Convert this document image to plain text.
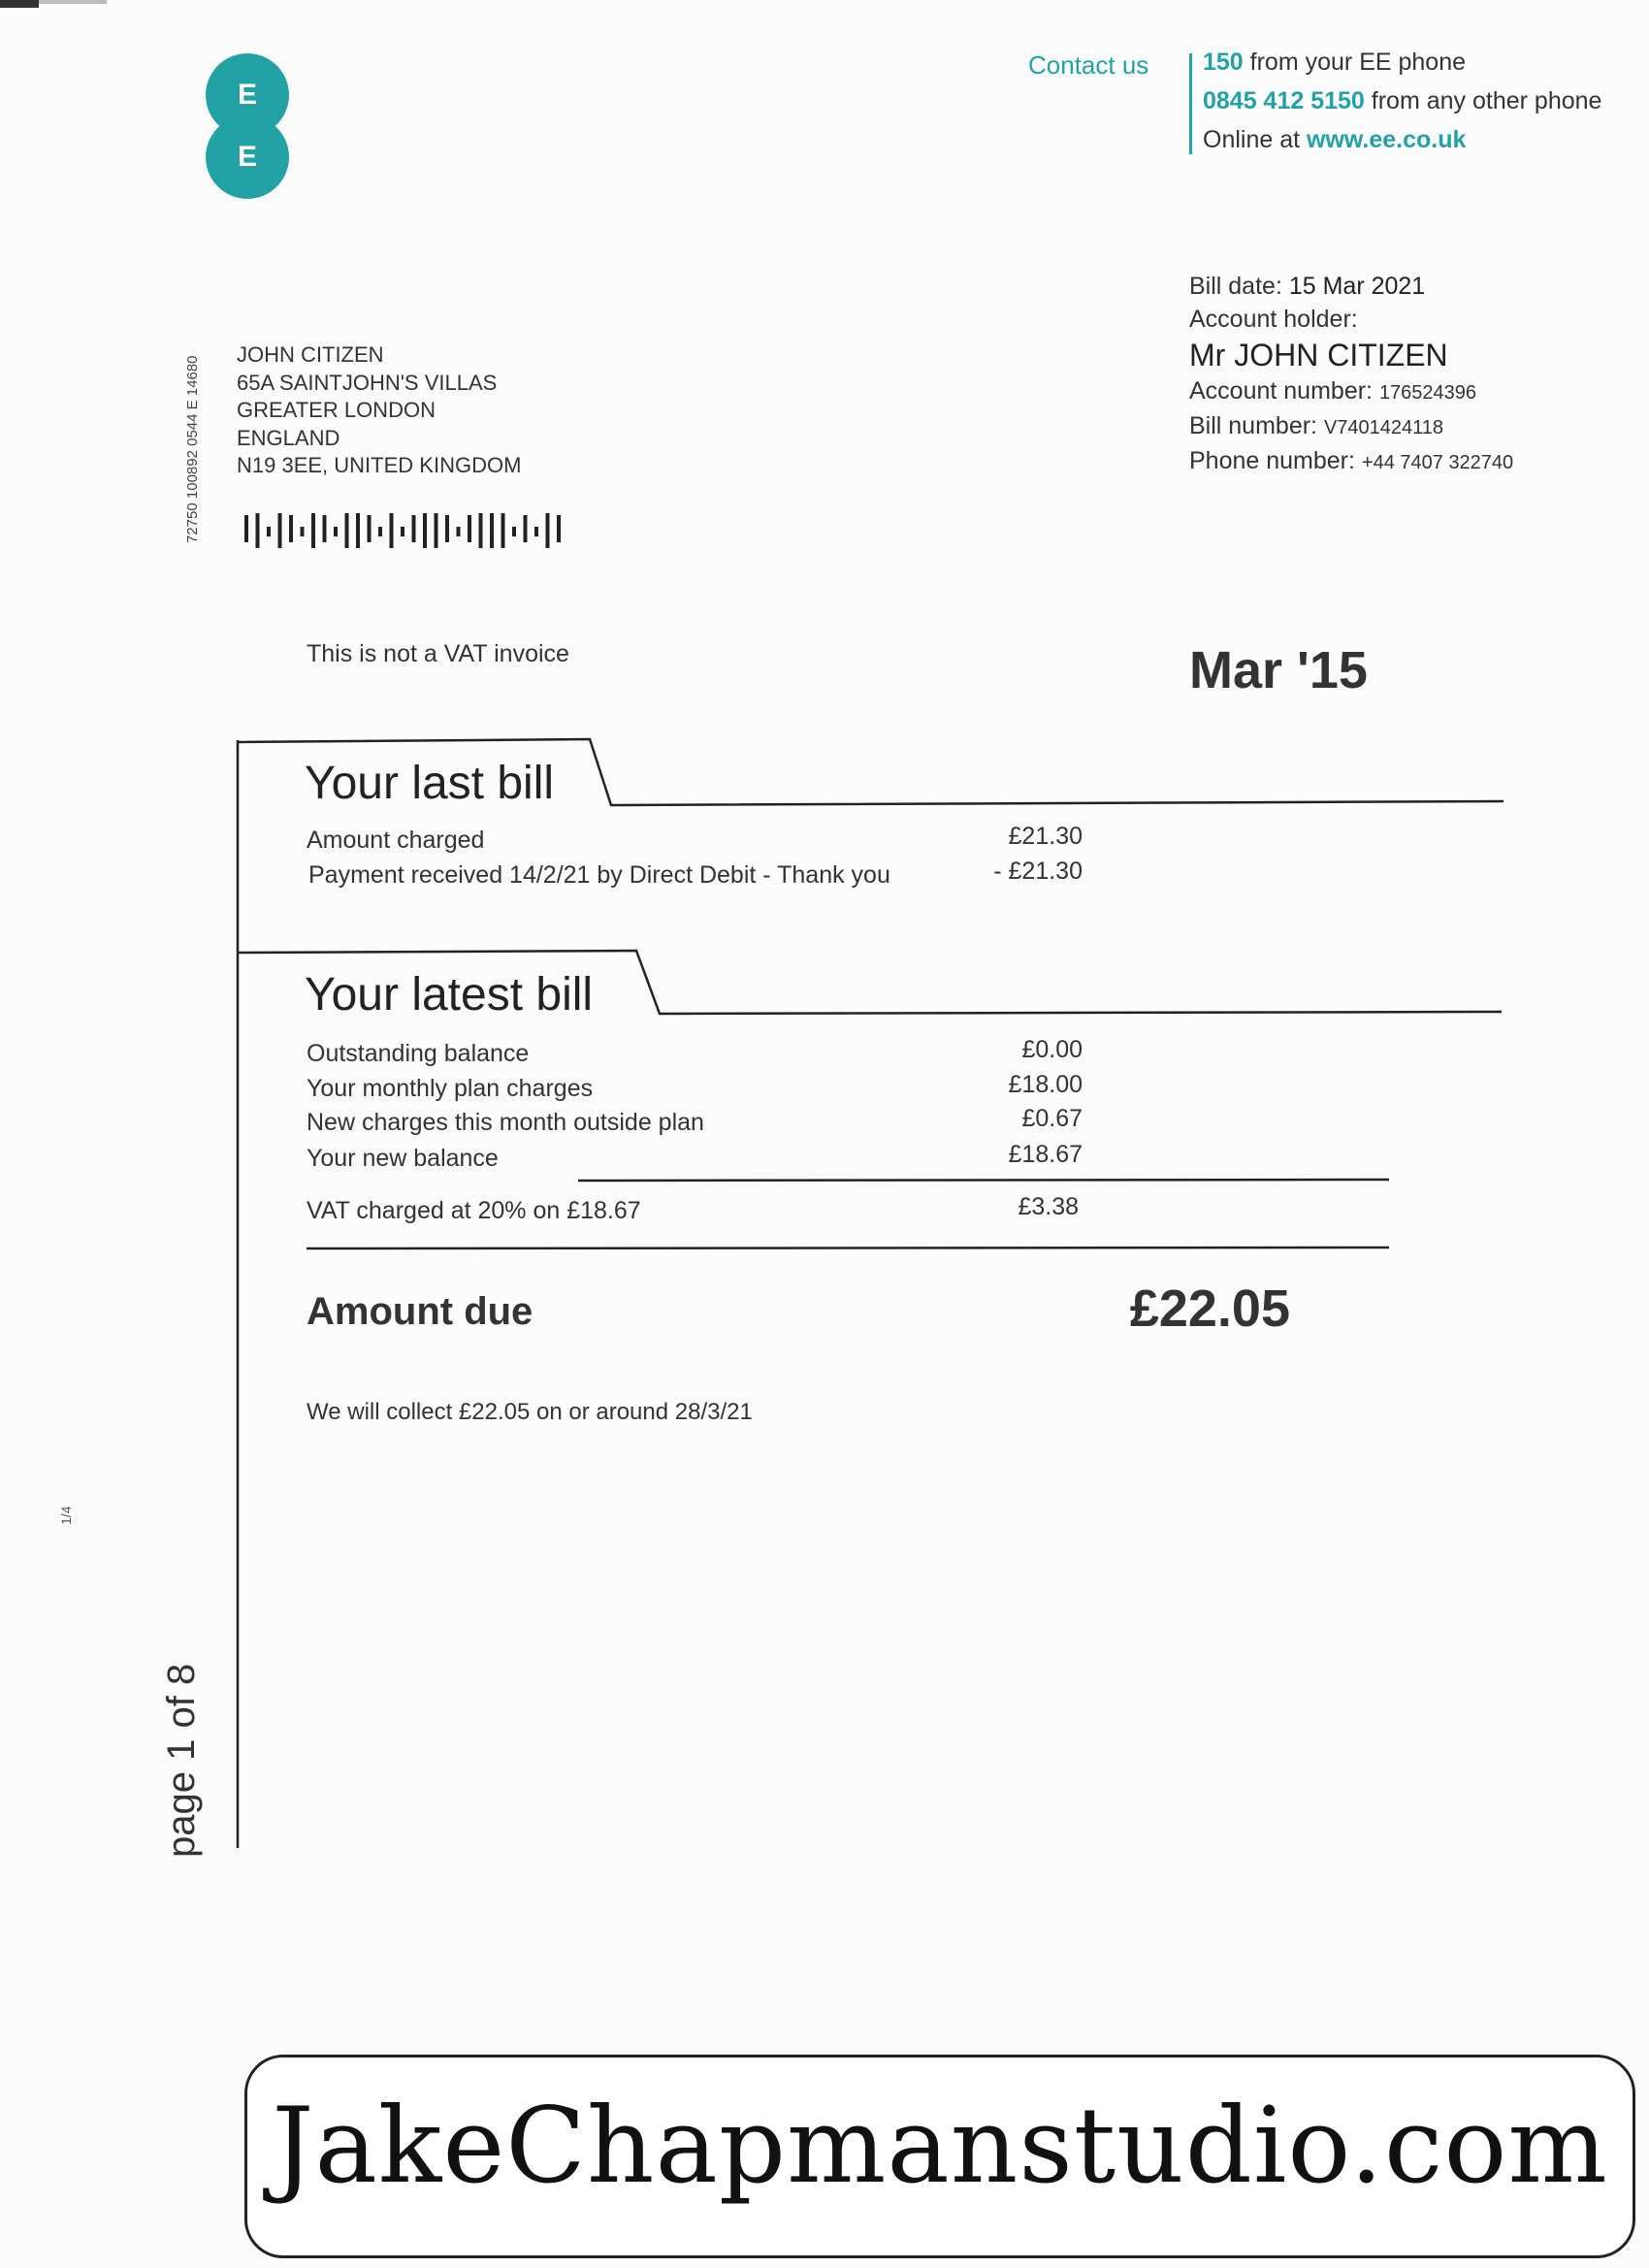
E
E
Contact us 150 from your EE phone
0845 412 5150 from any other phone
Online at www.ee.co.uk
Bill date: 15 Mar 2021
Account holder:
Mr JOHN CITIZEN
Account number: 176524396
Bill number: V7401424118
Phone number: +44 7407 322740
72750 100892 0544 E 14680
JOHN CITIZEN
65A SAINTJOHN'S VILLAS
GREATER LONDON
ENGLAND
N19 3EE, UNITED KINGDOM
This is not a VAT invoice	Mar '15
Your last bill
Amount charged	£21.30
Payment received 14/2/21 by Direct Debit - Thank you	- £21.30
Your latest bill
Outstanding balance	£0.00
Your monthly plan charges	£18.00
New charges this month outside plan	£0.67
Your new balance	£18.67
VAT charged at 20% on £18.67	£3.38
Amount due	£22.05
We will collect £22.05 on or around 28/3/21
1/4
page 1 of 8
JakeChapmanstudio.com
